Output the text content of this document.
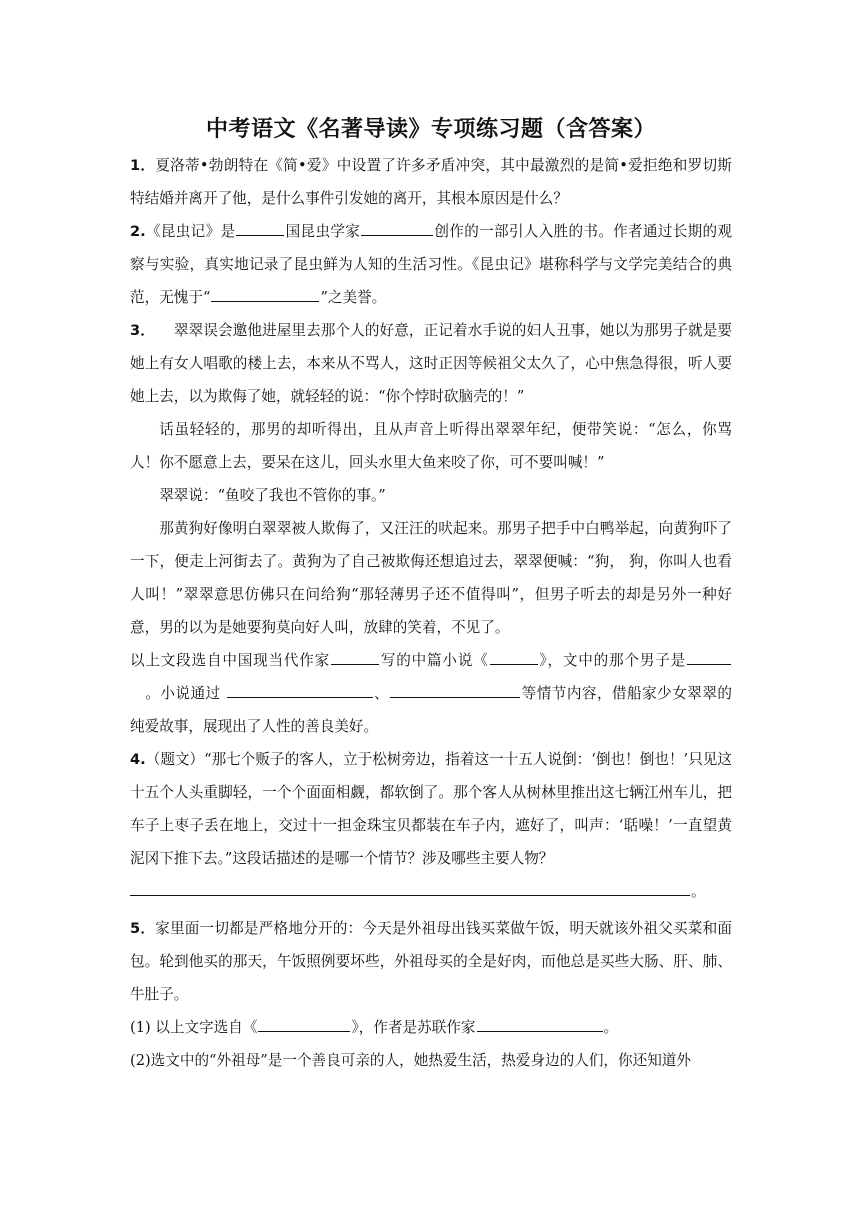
中考语文《名著导读》专项练习题（含答案）

1．夏洛蒂•勃朗特在《简•爱》中设置了许多矛盾冲突，其中最激烈的是简•爱拒绝和罗切斯特结婚并离开了他，是什么事件引发她的离开，其根本原因是什么？

2.《昆虫记》是	国昆虫学家	创作的一部引人入胜的书。作者通过长期的观察与实验，真实地记录了昆虫鲜为人知的生活习性。《昆虫记》堪称科学与文学完美结合的典范，无愧于“	”之美誉。

3． 翠翠误会邀他进屋里去那个人的好意，正记着水手说的妇人丑事，她以为那男子就是要她上有女人唱歌的楼上去，本来从不骂人，这时正因等候祖父太久了，心中焦急得很，听人要她上去，以为欺侮了她，就轻轻的说：“你个悖时砍脑壳的！”

话虽轻轻的，那男的却听得出，且从声音上听得出翠翠年纪，便带笑说：“怎么，你骂人！你不愿意上去，要呆在这儿，回头水里大鱼来咬了你，可不要叫喊！”

翠翠说：“鱼咬了我也不管你的事。”

那黄狗好像明白翠翠被人欺侮了，又汪汪的吠起来。那男子把手中白鸭举起，向黄狗吓了一下，便走上河街去了。黄狗为了自己被欺侮还想追过去，翠翠便喊：“狗， 狗，你叫人也看人叫！”翠翠意思仿佛只在问给狗“那轻薄男子还不值得叫”，但男子听去的却是另外一种好意，男的以为是她要狗莫向好人叫，放肆的笑着，不见了。

以上文段选自中国现当代作家	写的中篇小说《	》，文中的那个男子是   。小说通过	、	等情节内容，借船家少女翠翠的纯爱故事，展现出了人性的善良美好。

4.（题文）“那七个贩子的客人，立于松树旁边，指着这一十五人说倒：‘倒也！倒也！’只见这十五个人头重脚轻，一个个面面相觑，都软倒了。那个客人从树林里推出这七辆江州车儿，把车子上枣子丢在地上，交过十一担金珠宝贝都装在车子内，遮好了，叫声：‘聒噪！’一直望黄泥冈下推下去。”这段话描述的是哪一个情节？涉及哪些主要人物？

。

5．家里面一切都是严格地分开的：今天是外祖母出钱买菜做午饭，明天就该外祖父买菜和面包。轮到他买的那天，午饭照例要坏些，外祖母买的全是好肉，而他总是买些大肠、肝、肺、牛肚子。

(1) 以上文字选自《	》，作者是苏联作家	。

(2)选文中的“外祖母”是一个善良可亲的人，她热爱生活，热爱身边的人们，你还知道外
